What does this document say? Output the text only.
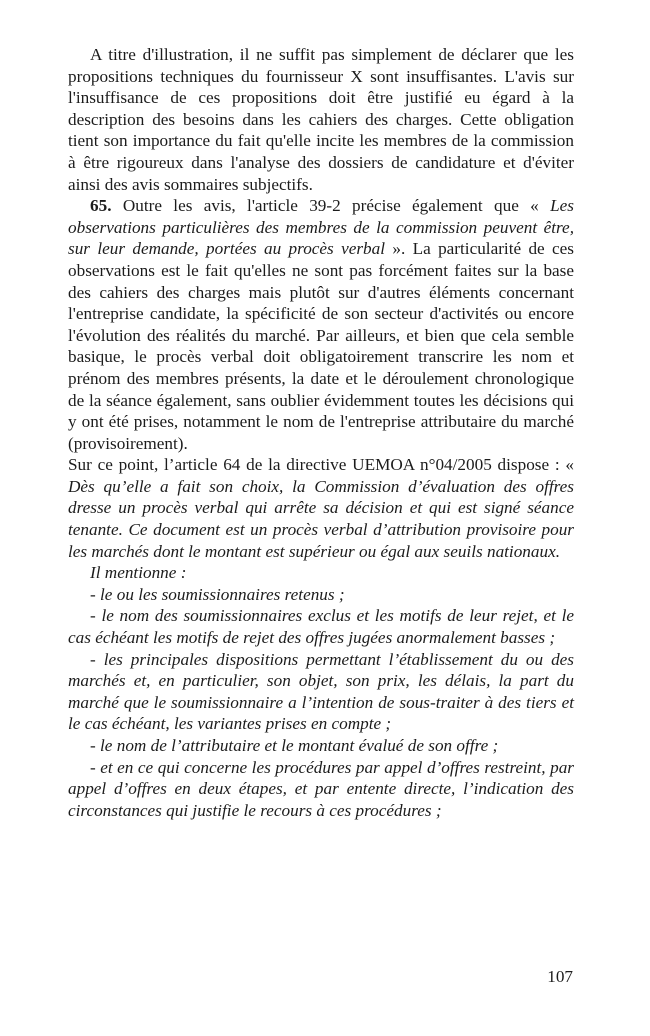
A titre d'illustration, il ne suffit pas simplement de déclarer que les propositions techniques du fournisseur X sont insuffisantes. L'avis sur l'insuffisance de ces propositions doit être justifié eu égard à la description des besoins dans les cahiers des charges. Cette obligation tient son importance du fait qu'elle incite les membres de la commission à être rigoureux dans l'analyse des dossiers de candidature et d'éviter ainsi des avis sommaires subjectifs.

65. Outre les avis, l'article 39-2 précise également que « Les observations particulières des membres de la commission peuvent être, sur leur demande, portées au procès verbal ». La particularité de ces observations est le fait qu'elles ne sont pas forcément faites sur la base des cahiers des charges mais plutôt sur d'autres éléments concernant l'entreprise candidate, la spécificité de son secteur d'activités ou encore l'évolution des réalités du marché. Par ailleurs, et bien que cela semble basique, le procès verbal doit obligatoirement transcrire les nom et prénom des membres présents, la date et le déroulement chronologique de la séance également, sans oublier évidemment toutes les décisions qui y ont été prises, notamment le nom de l'entreprise attributaire du marché (provisoirement).

Sur ce point, l’article 64 de la directive UEMOA n°04/2005 dispose : « Dès qu’elle a fait son choix, la Commission d’évaluation des offres dresse un procès verbal qui arrête sa décision et qui est signé séance tenante. Ce document est un procès verbal d’attribution provisoire pour les marchés dont le montant est supérieur ou égal aux seuils nationaux.

Il mentionne :

- le ou les soumissionnaires retenus ;

- le nom des soumissionnaires exclus et les motifs de leur rejet, et le cas échéant les motifs de rejet des offres jugées anormalement basses ;

- les principales dispositions permettant l’établissement du ou des marchés et, en particulier, son objet, son prix, les délais, la part du marché que le soumissionnaire a l’intention de sous-traiter à des tiers et le cas échéant, les variantes prises en compte ;

- le nom de l’attributaire et le montant évalué de son offre ;

- et en ce qui concerne les procédures par appel d’offres restreint, par appel d’offres en deux étapes, et par entente directe, l’indication des circonstances qui justifie le recours à ces procédures ;

107
